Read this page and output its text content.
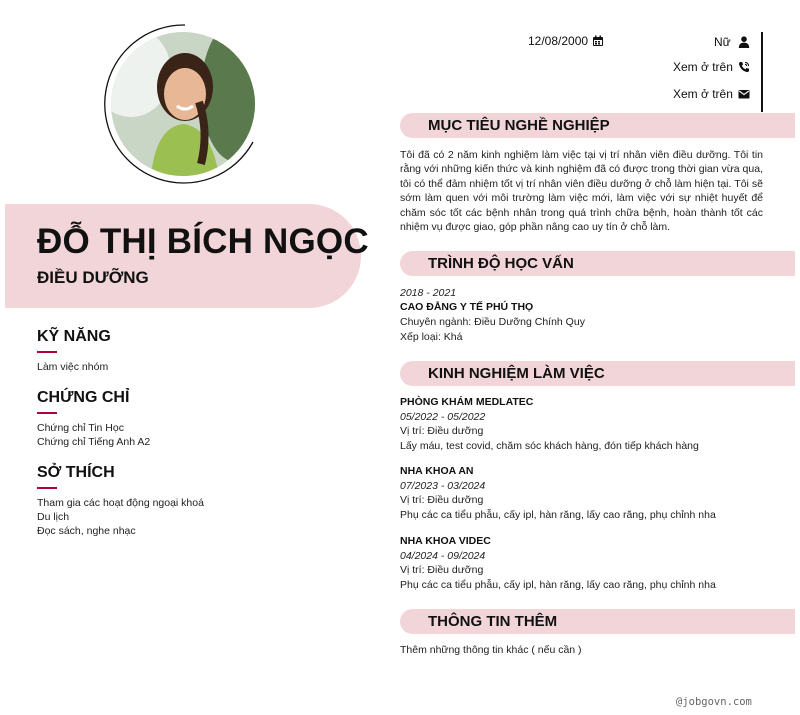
ĐỖ THỊ BÍCH NGỌC
ĐIỀU DƯỠNG
12/08/2000	Nữ
Xem ở trên
Xem ở trên
KỸ NĂNG
Làm việc nhóm
CHỨNG CHỈ
Chứng chỉ Tin Học
Chứng chỉ Tiếng Anh A2
SỞ THÍCH
Tham gia các hoạt động ngoại khoá
Du lịch
Đọc sách, nghe nhạc
MỤC TIÊU NGHỀ NGHIỆP
Tôi đã có 2 năm kinh nghiệm làm việc tại vị trí nhân viên điều dưỡng. Tôi tin rằng với những kiến thức và kinh nghiệm đã có được trong thời gian vừa qua, tôi có thể đảm nhiệm tốt vị trí nhân viên điều dưỡng ở chỗ làm hiện tại. Tôi sẽ sớm làm quen với môi trường làm việc mới, làm việc với sự nhiệt huyết để chăm sóc tốt các bệnh nhân trong quá trình chữa bệnh, hoàn thành tốt các nhiệm vụ được giao, góp phần nâng cao uy tín ở chỗ làm.
TRÌNH ĐỘ HỌC VẤN
2018 - 2021
CAO ĐẲNG Y TẾ PHÚ THỌ
Chuyên ngành: Điều Dưỡng Chính Quy
Xếp loại: Khá
KINH NGHIỆM LÀM VIỆC
PHÒNG KHÁM MEDLATEC
05/2022 - 05/2022
Vị trí: Điều dưỡng
Lấy máu, test covid, chăm sóc khách hàng, đón tiếp khách hàng
NHA KHOA AN
07/2023 - 03/2024
Vị trí: Điều dưỡng
Phụ các ca tiểu phẫu, cấy ipl, hàn răng, lấy cao răng, phụ chỉnh nha
NHA KHOA VIDEC
04/2024 - 09/2024
Vị trí: Điều dưỡng
Phụ các ca tiểu phẫu, cấy ipl, hàn răng, lấy cao răng, phụ chỉnh nha
THÔNG TIN THÊM
Thêm những thông tin khác ( nếu cần )
@jobgovn.com
